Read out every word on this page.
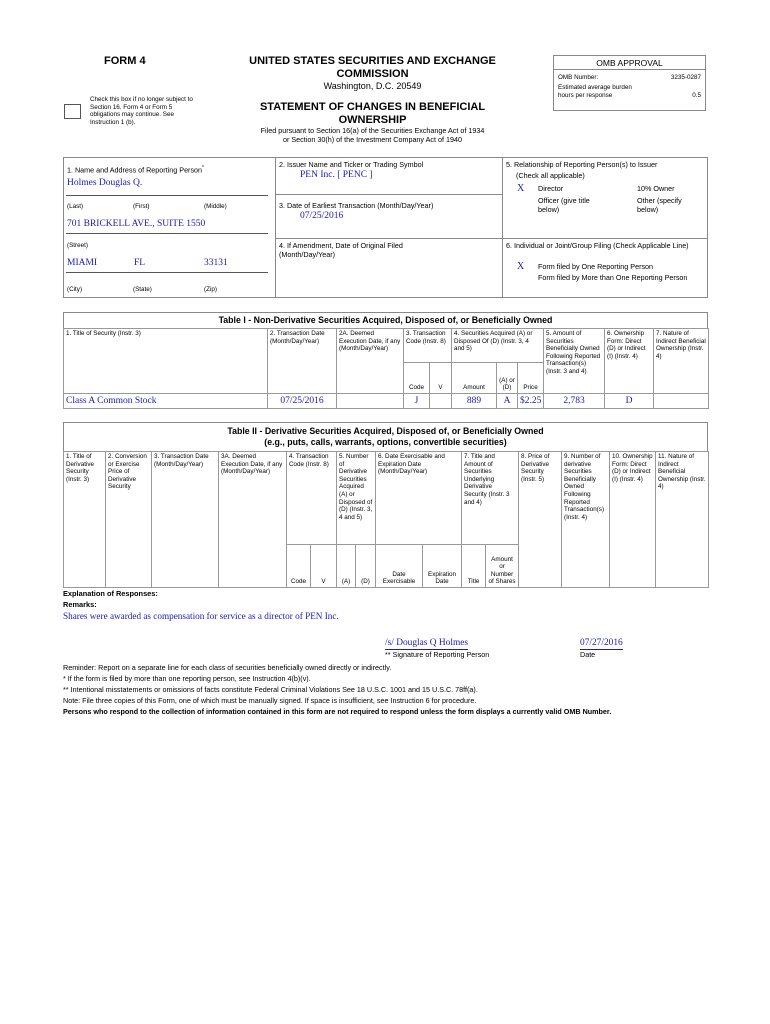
FORM 4	UNITED STATES SECURITIES AND EXCHANGE
COMMISSION
Washington, D.C. 20549
Check this box if no longer subject to Section 16. Form 4 or Form 5 obligations may continue. See Instruction 1 (b).
STATEMENT OF CHANGES IN BENEFICIAL
OWNERSHIP
Filed pursuant to Section 16(a) of the Securities Exchange Act of 1934
or Section 30(h) of the Investment Company Act of 1940
OMB APPROVAL
OMB Number:	3235-0287
Estimated average burden hours per response	0.5
1. Name and Address of Reporting Person*
Holmes Douglas Q.
(Last)	(First)	(Middle)
701 BRICKELL AVE., SUITE 1550
(Street)
MIAMI	FL	33131
(City)	(State)	(Zip)
2. Issuer Name and Ticker or Trading Symbol
PEN Inc. [ PENC ]
3. Date of Earliest Transaction (Month/Day/Year)
07/25/2016
4. If Amendment, Date of Original Filed (Month/Day/Year)
5. Relationship of Reporting Person(s) to Issuer
(Check all applicable)
X Director	10% Owner
Officer (give title below)
Other (specify below)
6. Individual or Joint/Group Filing (Check Applicable Line)
X Form filed by One Reporting Person
Form filed by More than One Reporting Person
Table I - Non-Derivative Securities Acquired, Disposed of, or Beneficially Owned
1. Title of Security (Instr. 3)	2. Transaction Date (Month/Day/Year)	2A. Deemed Execution Date, if any (Month/Day/Year)	3. Transaction Code (Instr. 8)		4. Securities Acquired (A) or Disposed Of (D) (Instr. 3, 4 and 5)			5. Amount of Securities Beneficially Owned Following Reported Transaction(s) (Instr. 3 and 4)	6. Ownership Form: Direct (D) or Indirect (I) (Instr. 4)	7. Nature of Indirect Beneficial Ownership (Instr. 4)
			Code	V	Amount	(A) or (D)	Price			
Class A Common Stock	07/25/2016		J		889	A	$2.25	2,783	D	
Table II - Derivative Securities Acquired, Disposed of, or Beneficially Owned
(e.g., puts, calls, warrants, options, convertible securities)
1. Title of Derivative Security (Instr. 3)	2. Conversion or Exercise Price of Derivative Security	3. Transaction Date (Month/Day/Year)	3A. Deemed Execution Date, if any (Month/Day/Year)	4. Transaction Code (Instr. 8)		5. Number of Derivative Securities Acquired (A) or Disposed of (D) (Instr. 3, 4 and 5)		6. Date Exercisable and Expiration Date (Month/Day/Year)		7. Title and Amount of Securities Underlying Derivative Security (Instr. 3 and 4)		8. Price of Derivative Security (Instr. 5)	9. Number of derivative Securities Beneficially Owned Following Reported Transaction(s) (Instr. 4)	10. Ownership Form: Direct (D) or Indirect (I) (Instr. 4)	11. Nature of Indirect Beneficial Ownership (Instr. 4)
				Code	V	(A)	(D)	Date Exercisable	Expiration Date	Title	Amount or Number of Shares				
Explanation of Responses:
Remarks:
Shares were awarded as compensation for service as a director of PEN Inc.
/s/ Douglas Q Holmes
** Signature of Reporting Person
07/27/2016
Date
Reminder: Report on a separate line for each class of securities beneficially owned directly or indirectly.
* If the form is filed by more than one reporting person, see Instruction 4(b)(v).
** Intentional misstatements or omissions of facts constitute Federal Criminal Violations See 18 U.S.C. 1001 and 15 U.S.C. 78ff(a).
Note: File three copies of this Form, one of which must be manually signed. If space is insufficient, see Instruction 6 for procedure.
Persons who respond to the collection of information contained in this form are not required to respond unless the form displays a currently valid OMB Number.
